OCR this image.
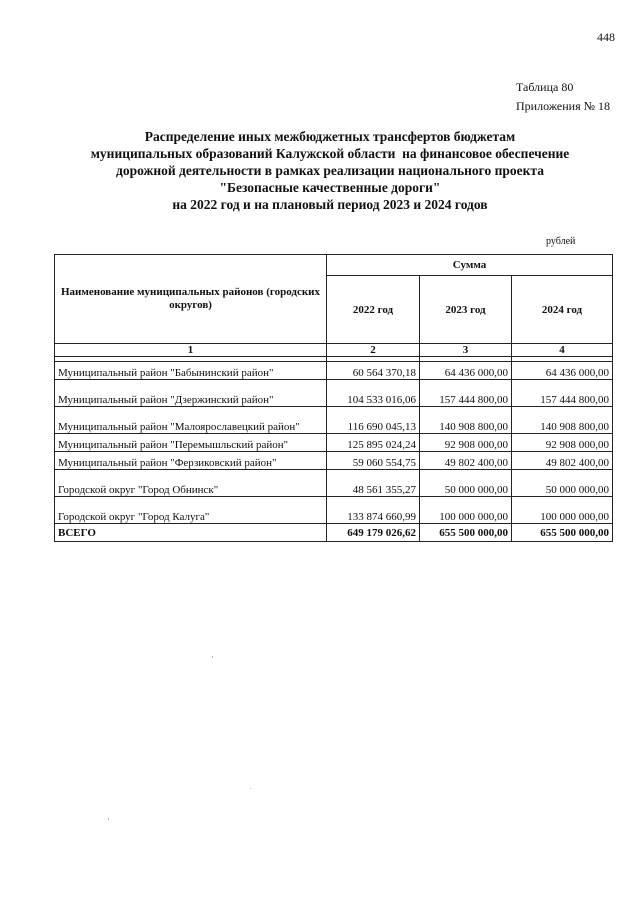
448
Таблица 80
Приложения № 18
Распределение иных межбюджетных трансфертов бюджетам
муниципальных образований Калужской области  на финансовое обеспечение
дорожной деятельности в рамках реализации национального проекта
"Безопасные качественные дороги"
на 2022 год и на плановый период 2023 и 2024 годов
рублей
Наименование муниципальных районов (городских округов)	Сумма		
	2022 год	2023 год	2024 год
1	2	3	4

Муниципальный район "Бабынинский район"	60 564 370,18	64 436 000,00	64 436 000,00
Муниципальный район "Дзержинский район"	104 533 016,06	157 444 800,00	157 444 800,00
Муниципальный район "Малоярославецкий район"	116 690 045,13	140 908 800,00	140 908 800,00
Муниципальный район "Перемышльский район"	125 895 024,24	92 908 000,00	92 908 000,00
Муниципальный район "Ферзиковский район"	59 060 554,75	49 802 400,00	49 802 400,00
Городской округ "Город Обнинск"	48 561 355,27	50 000 000,00	50 000 000,00
Городской округ "Город Калуга"	133 874 660,99	100 000 000,00	100 000 000,00
ВСЕГО	649 179 026,62	655 500 000,00	655 500 000,00
